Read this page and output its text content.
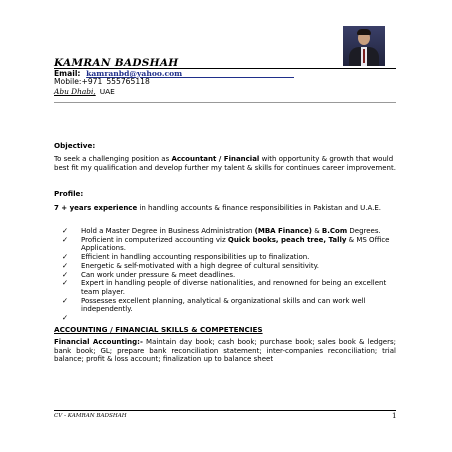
KAMRAN BADSHAH
Email: kamranbd@yahoo.com
Mobile:+971 555765118
Abu Dhabi, UAE
Objective:
To seek a challenging position as Accountant / Financial with opportunity & growth that would best fit my qualification and develop further my talent & skills for continues career improvement.
Profile:
7 + years experience in handling accounts & finance responsibilities in Pakistan and U.A.E.
✓ Hold a Master Degree in Business Administration (MBA Finance) & B.Com Degrees.
✓ Proficient in computerized accounting viz Quick books, peach tree, Tally & MS Office Applications.
✓ Efficient in handling accounting responsibilities up to finalization.
✓ Energetic & self-motivated with a high degree of cultural sensitivity.
✓ Can work under pressure & meet deadlines.
✓ Expert in handling people of diverse nationalities, and renowned for being an excellent team player.
✓ Possesses excellent planning, analytical & organizational skills and can work well independently.
✓
ACCOUNTING / FINANCIAL SKILLS & COMPETENCIES
Financial Accounting:- Maintain day book; cash book; purchase book; sales book & ledgers; bank book; GL; prepare bank reconciliation statement; inter-companies reconciliation; trial balance; profit & loss account; finalization up to balance sheet
CV - KAMRAN BADSHAH	1
